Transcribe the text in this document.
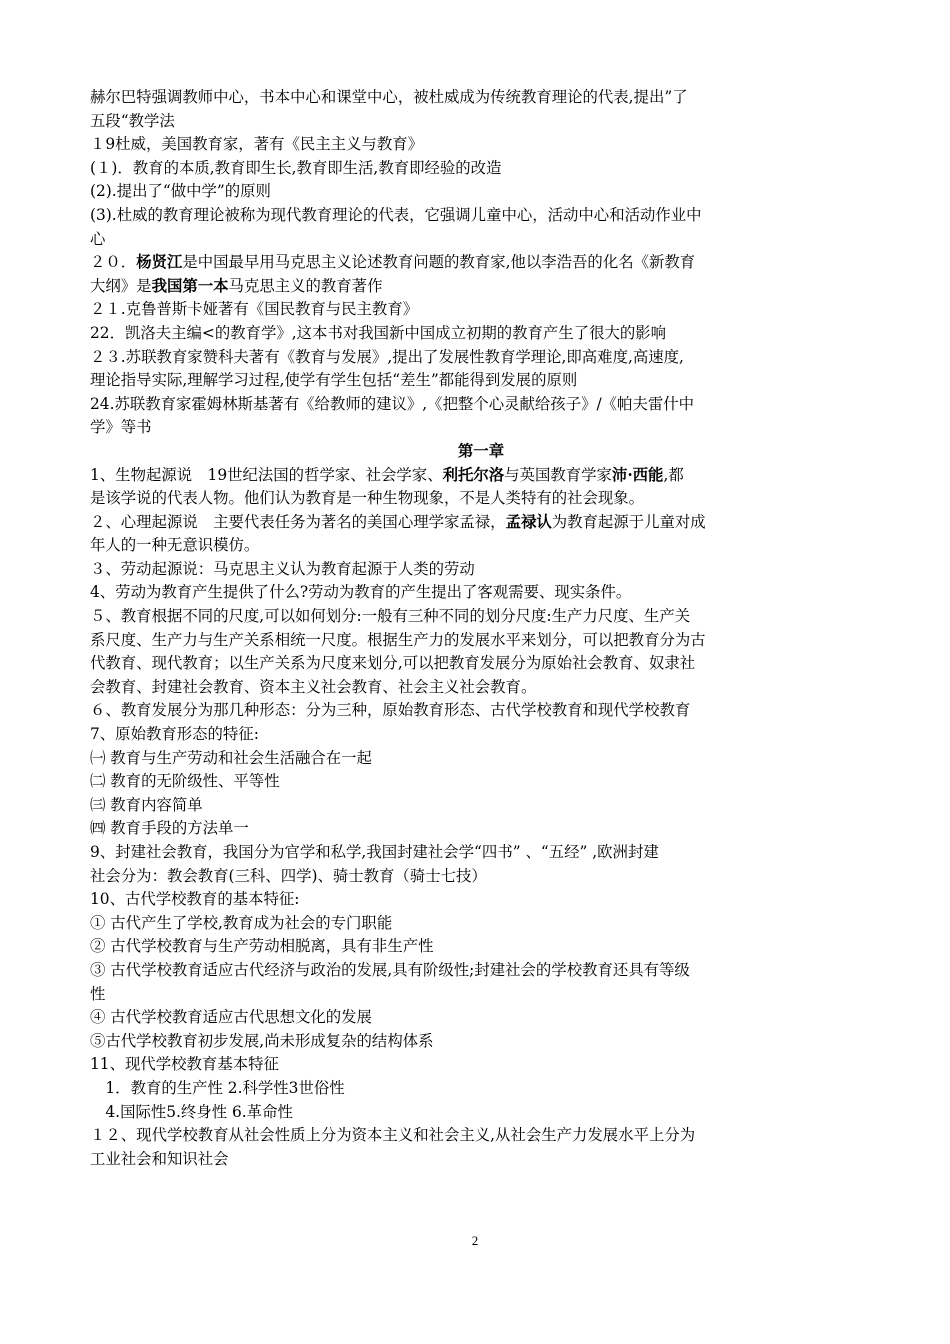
赫尔巴特强调教师中心，书本中心和课堂中心，被杜威成为传统教育理论的代表,提出”了
五段“教学法
１9杜威，美国教育家，著有《民主主义与教育》
(１)．教育的本质,教育即生长,教育即生活,教育即经验的改造
(2).提出了“做中学”的原则
(3).杜威的教育理论被称为现代教育理论的代表，它强调儿童中心，活动中心和活动作业中
心
２０．杨贤江是中国最早用马克思主义论述教育问题的教育家,他以李浩吾的化名《新教育
大纲》是我国第一本马克思主义的教育著作
２１.克鲁普斯卡娅著有《国民教育与民主教育》
22．凯洛夫主编<的教育学》,这本书对我国新中国成立初期的教育产生了很大的影响
２３.苏联教育家赞科夫著有《教育与发展》,提出了发展性教育学理论,即高难度,高速度,
理论指导实际,理解学习过程,使学有学生包括“差生”都能得到发展的原则
24.苏联教育家霍姆林斯基著有《给教师的建议》,《把整个心灵献给孩子》/《帕夫雷什中
学》等书
第一章
1、生物起源说　19世纪法国的哲学家、社会学家、利托尔洛与英国教育学家沛·西能,都
是该学说的代表人物。他们认为教育是一种生物现象，不是人类特有的社会现象。
２、心理起源说　主要代表任务为著名的美国心理学家孟禄，孟禄认为教育起源于儿童对成
年人的一种无意识模仿。
３、劳动起源说：马克思主义认为教育起源于人类的劳动
4、劳动为教育产生提供了什么?劳动为教育的产生提出了客观需要、现实条件。
５、教育根据不同的尺度,可以如何划分:一般有三种不同的划分尺度:生产力尺度、生产关
系尺度、生产力与生产关系相统一尺度。根据生产力的发展水平来划分，可以把教育分为古
代教育、现代教育；以生产关系为尺度来划分,可以把教育发展分为原始社会教育、奴隶社
会教育、封建社会教育、资本主义社会教育、社会主义社会教育。
６、教育发展分为那几种形态：分为三种，原始教育形态、古代学校教育和现代学校教育
7、原始教育形态的特征:
㈠ 教育与生产劳动和社会生活融合在一起
㈡ 教育的无阶级性、平等性
㈢ 教育内容简单
㈣ 教育手段的方法单一
9、封建社会教育，我国分为官学和私学,我国封建社会学“四书” 、“五经” ,欧洲封建
社会分为：教会教育(三科、四学)、骑士教育（骑士七技）
10、古代学校教育的基本特征:
① 古代产生了学校,教育成为社会的专门职能
② 古代学校教育与生产劳动相脱离，具有非生产性
③ 古代学校教育适应古代经济与政治的发展,具有阶级性;封建社会的学校教育还具有等级
性
④ 古代学校教育适应古代思想文化的发展
⑤古代学校教育初步发展,尚未形成复杂的结构体系
11、现代学校教育基本特征
　1．教育的生产性 2.科学性3世俗性
　4.国际性5.终身性 6.革命性
１２、现代学校教育从社会性质上分为资本主义和社会主义,从社会生产力发展水平上分为
工业社会和知识社会
2
